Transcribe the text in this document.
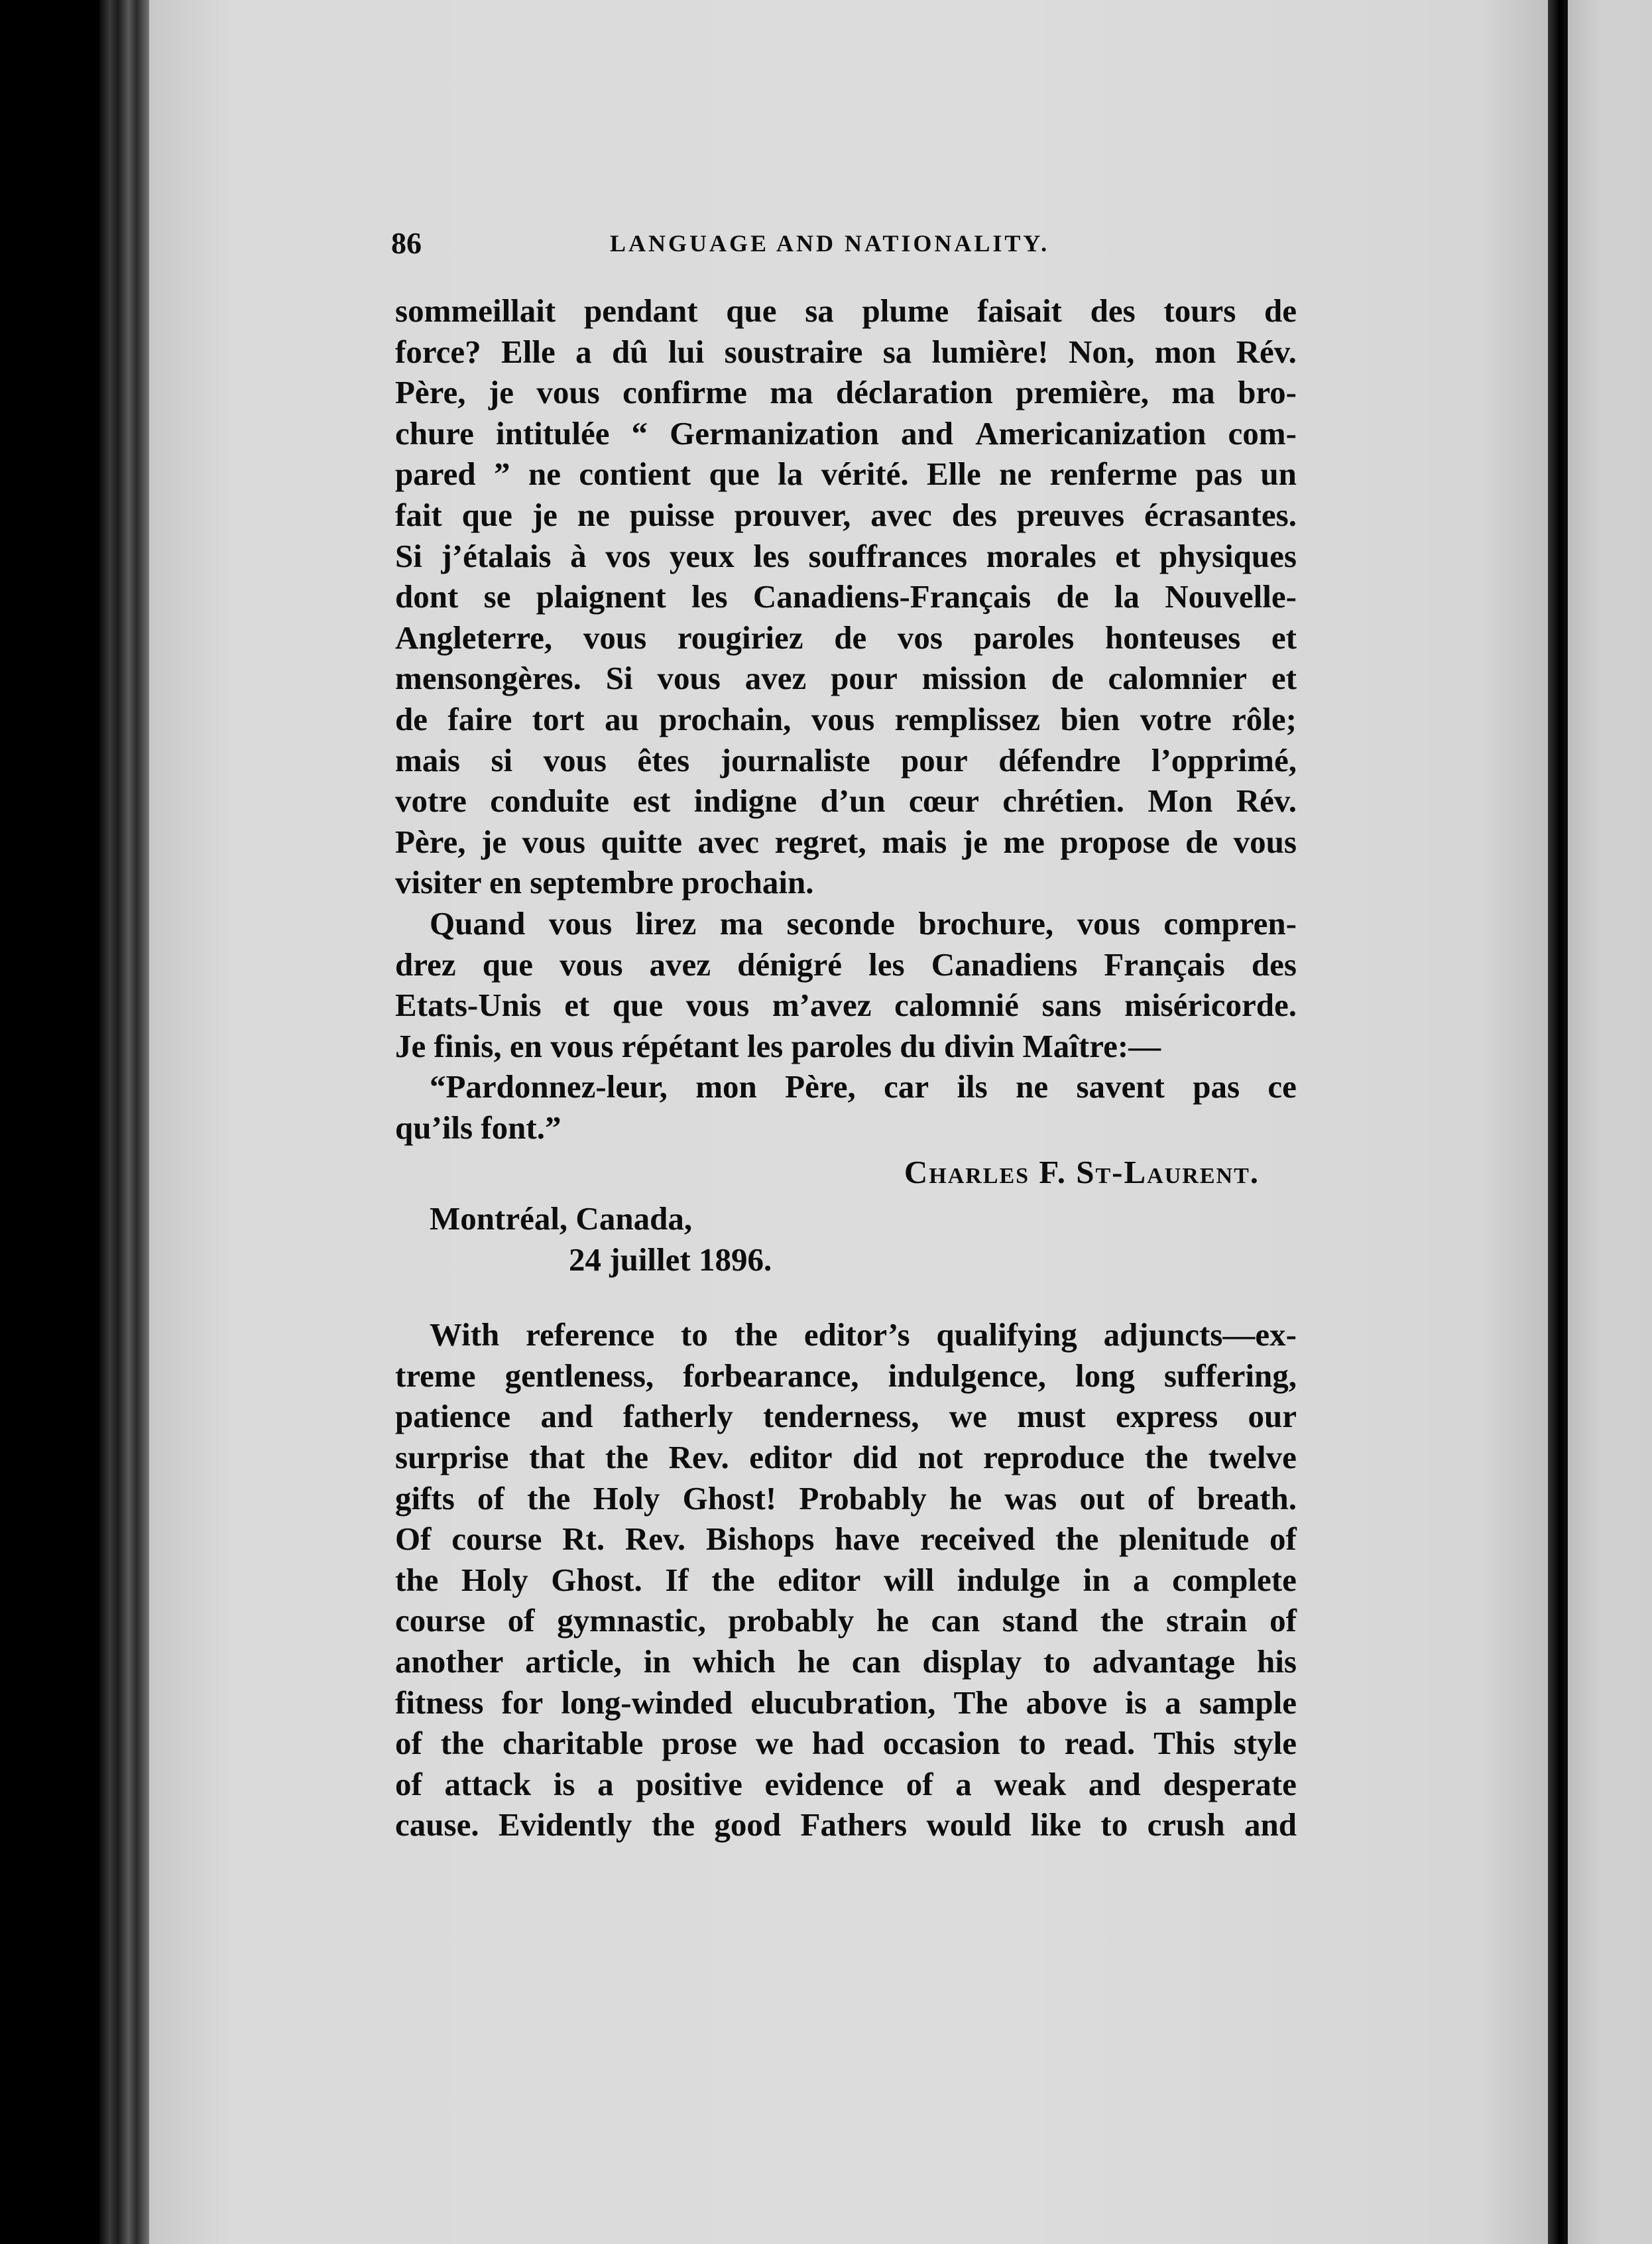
86	LANGUAGE AND NATIONALITY.
sommeillait pendant que sa plume faisait des tours de
force? Elle a dû lui soustraire sa lumière! Non, mon Rév.
Père, je vous confirme ma déclaration première, ma bro-
chure intitulée “ Germanization and Americanization com-
pared ” ne contient que la vérité. Elle ne renferme pas un
fait que je ne puisse prouver, avec des preuves écrasantes.
Si j’étalais à vos yeux les souffrances morales et physiques
dont se plaignent les Canadiens-Français de la Nouvelle-
Angleterre, vous rougiriez de vos paroles honteuses et
mensongères. Si vous avez pour mission de calomnier et
de faire tort au prochain, vous remplissez bien votre rôle;
mais si vous êtes journaliste pour défendre l’opprimé,
votre conduite est indigne d’un cœur chrétien. Mon Rév.
Père, je vous quitte avec regret, mais je me propose de vous
visiter en septembre prochain.
Quand vous lirez ma seconde brochure, vous compren-
drez que vous avez dénigré les Canadiens Français des
Etats-Unis et que vous m’avez calomnié sans miséricorde.
Je finis, en vous répétant les paroles du divin Maître:—
“Pardonnez-leur, mon Père, car ils ne savent pas ce
qu’ils font.”
Charles F. St-Laurent.
Montréal, Canada,
24 juillet 1896.
With reference to the editor’s qualifying adjuncts—ex-
treme gentleness, forbearance, indulgence, long suffering,
patience and fatherly tenderness, we must express our
surprise that the Rev. editor did not reproduce the twelve
gifts of the Holy Ghost! Probably he was out of breath.
Of course Rt. Rev. Bishops have received the plenitude of
the Holy Ghost. If the editor will indulge in a complete
course of gymnastic, probably he can stand the strain of
another article, in which he can display to advantage his
fitness for long-winded elucubration, The above is a sample
of the charitable prose we had occasion to read. This style
of attack is a positive evidence of a weak and desperate
cause. Evidently the good Fathers would like to crush and
